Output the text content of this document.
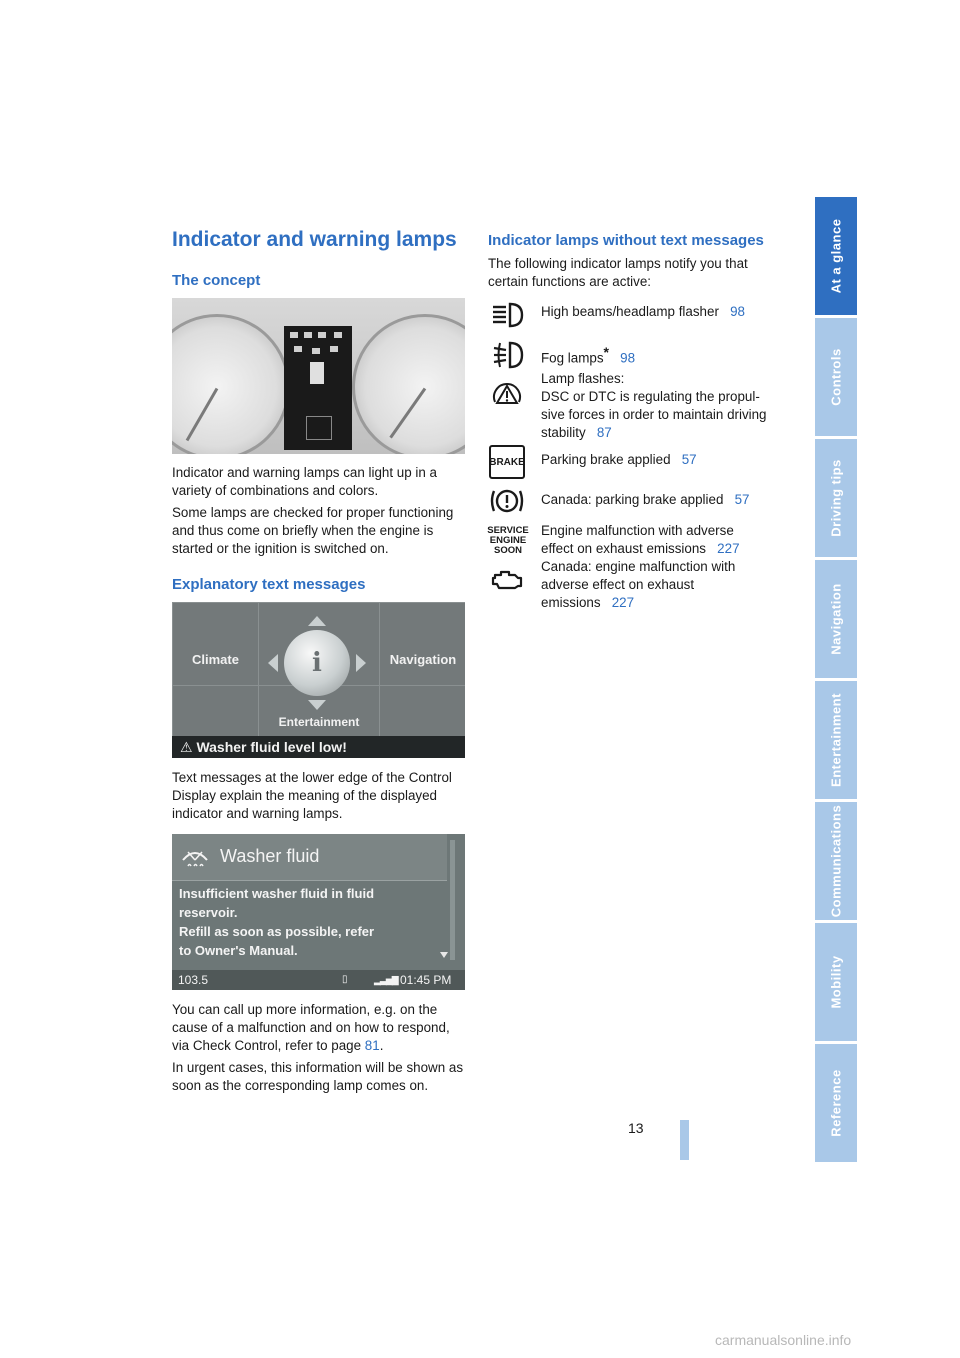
At a glance
Controls
Driving tips
Navigation
Entertainment
Communications
Mobility
Reference
Indicator and warning lamps
The concept

Indicator and warning lamps can light up in a variety of combinations and colors.

Some lamps are checked for proper functioning and thus come on briefly when the engine is started or the ignition is switched on.

Explanatory text messages
Climate	Navigation
Entertainment
i
⚠ Washer fluid level low!

Text messages at the lower edge of the Control Display explain the meaning of the displayed indicator and warning lamps.

Washer fluid
Insufficient washer fluid in fluid
reservoir.
Refill as soon as possible, refer
to Owner's Manual.
103.5	▯	▂▃▅▇ 01:45 PM

You can call up more information, e.g. on the cause of a malfunction and on how to respond, via Check Control, refer to page 81.

In urgent cases, this information will be shown as soon as the corresponding lamp comes on.

Indicator lamps without text messages

The following indicator lamps notify you that certain functions are active:

High beams/headlamp flasher 98
Fog lamps* 98
Lamp flashes:
DSC or DTC is regulating the propul-
sive forces in order to maintain driving
stability 87
BRAKE Parking brake applied 57
Canada: parking brake applied 57
SERVICE
ENGINE
SOON
Engine malfunction with adverse
effect on exhaust emissions 227
Canada: engine malfunction with
adverse effect on exhaust
emissions 227
13
carmanualsonline.info
